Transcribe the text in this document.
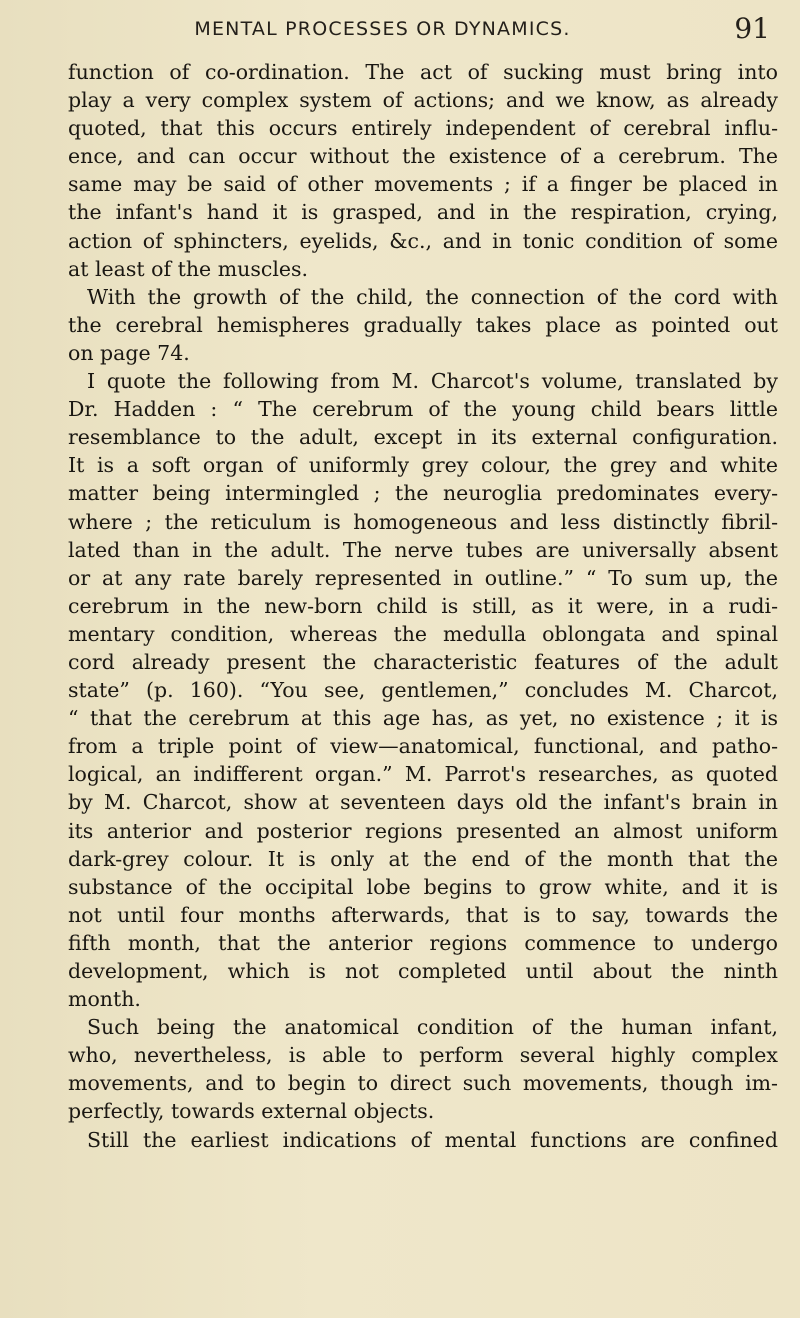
MENTAL PROCESSES OR DYNAMICS.	91
function of co-ordination. The act of sucking must bring into
play a very complex system of actions; and we know, as already
quoted, that this occurs entirely independent of cerebral influ-
ence, and can occur without the existence of a cerebrum. The
same may be said of other movements ; if a finger be placed in
the infant's hand it is grasped, and in the respiration, crying,
action of sphincters, eyelids, &c., and in tonic condition of some
at least of the muscles.
With the growth of the child, the connection of the cord with
the cerebral hemispheres gradually takes place as pointed out
on page 74.
I quote the following from M. Charcot's volume, translated by
Dr. Hadden : “ The cerebrum of the young child bears little
resemblance to the adult, except in its external configuration.
It is a soft organ of uniformly grey colour, the grey and white
matter being intermingled ; the neuroglia predominates every-
where ; the reticulum is homogeneous and less distinctly fibril-
lated than in the adult. The nerve tubes are universally absent
or at any rate barely represented in outline.” “ To sum up, the
cerebrum in the new-born child is still, as it were, in a rudi-
mentary condition, whereas the medulla oblongata and spinal
cord already present the characteristic features of the adult
state” (p. 160). “You see, gentlemen,” concludes M. Charcot,
“ that the cerebrum at this age has, as yet, no existence ; it is
from a triple point of view—anatomical, functional, and patho-
logical, an indifferent organ.” M. Parrot's researches, as quoted
by M. Charcot, show at seventeen days old the infant's brain in
its anterior and posterior regions presented an almost uniform
dark-grey colour. It is only at the end of the month that the
substance of the occipital lobe begins to grow white, and it is
not until four months afterwards, that is to say, towards the
fifth month, that the anterior regions commence to undergo
development, which is not completed until about the ninth
month.
Such being the anatomical condition of the human infant,
who, nevertheless, is able to perform several highly complex
movements, and to begin to direct such movements, though im-
perfectly, towards external objects.
Still the earliest indications of mental functions are confined
